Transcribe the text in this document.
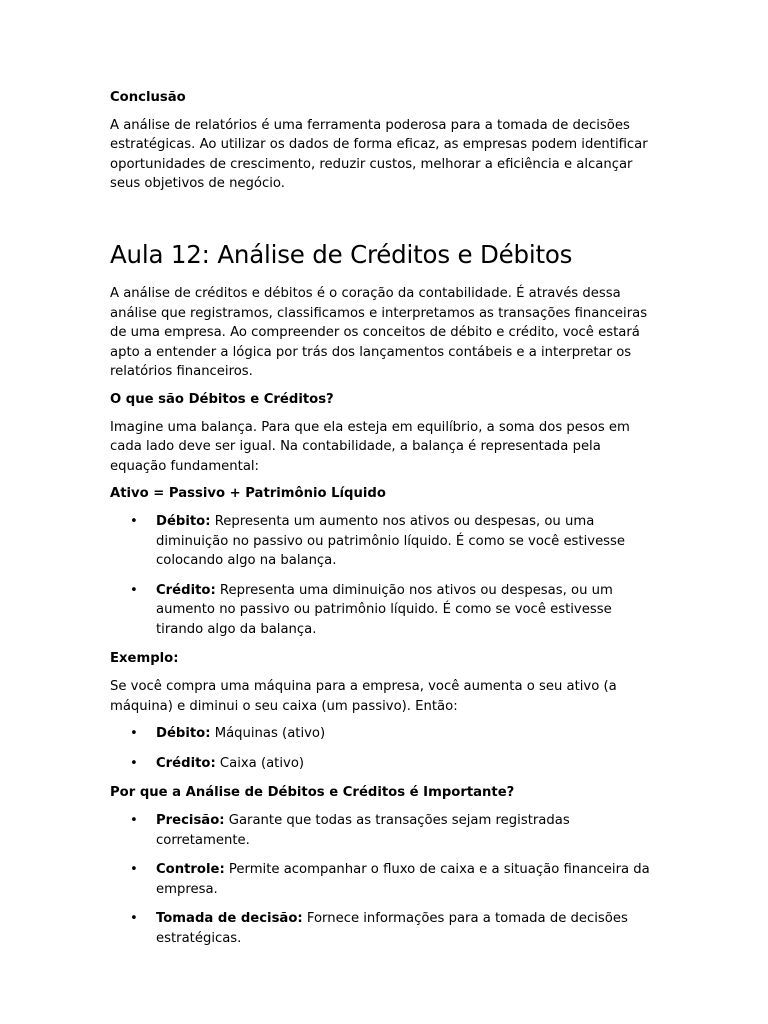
Conclusão

A análise de relatórios é uma ferramenta poderosa para a tomada de decisões estratégicas. Ao utilizar os dados de forma eficaz, as empresas podem identificar oportunidades de crescimento, reduzir custos, melhorar a eficiência e alcançar seus objetivos de negócio.

Aula 12: Análise de Créditos e Débitos

A análise de créditos e débitos é o coração da contabilidade. É através dessa análise que registramos, classificamos e interpretamos as transações financeiras de uma empresa. Ao compreender os conceitos de débito e crédito, você estará apto a entender a lógica por trás dos lançamentos contábeis e a interpretar os relatórios financeiros.

O que são Débitos e Créditos?

Imagine uma balança. Para que ela esteja em equilíbrio, a soma dos pesos em cada lado deve ser igual. Na contabilidade, a balança é representada pela equação fundamental:

Ativo = Passivo + Patrimônio Líquido

• Débito: Representa um aumento nos ativos ou despesas, ou uma diminuição no passivo ou patrimônio líquido. É como se você estivesse colocando algo na balança.
• Crédito: Representa uma diminuição nos ativos ou despesas, ou um aumento no passivo ou patrimônio líquido. É como se você estivesse tirando algo da balança.

Exemplo:

Se você compra uma máquina para a empresa, você aumenta o seu ativo (a máquina) e diminui o seu caixa (um passivo). Então:

• Débito: Máquinas (ativo)
• Crédito: Caixa (ativo)

Por que a Análise de Débitos e Créditos é Importante?

• Precisão: Garante que todas as transações sejam registradas corretamente.
• Controle: Permite acompanhar o fluxo de caixa e a situação financeira da empresa.
• Tomada de decisão: Fornece informações para a tomada de decisões estratégicas.
